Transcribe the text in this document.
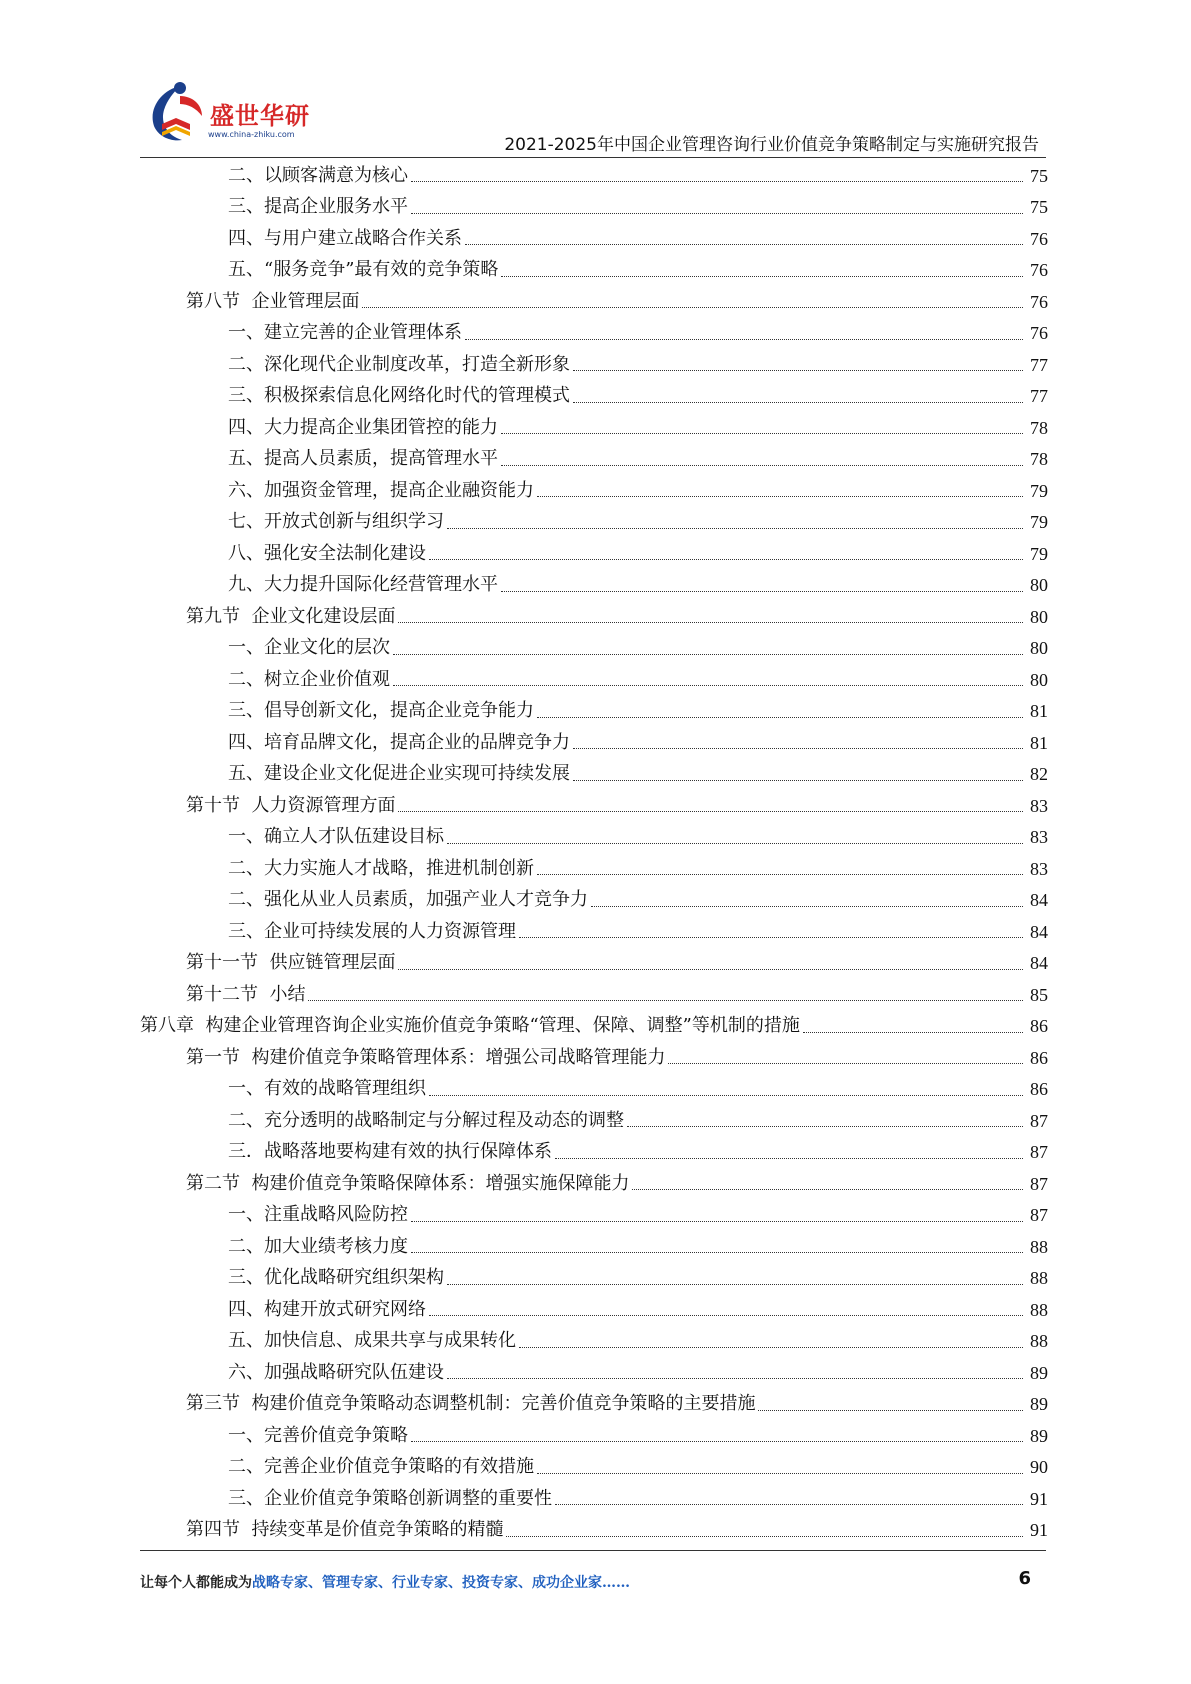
盛世华研
www.china-zhiku.com
2021-2025年中国企业管理咨询行业价值竞争策略制定与实施研究报告
二、以顾客满意为核心	75
三、提高企业服务水平	75
四、与用户建立战略合作关系	76
五、“服务竞争”最有效的竞争策略	76
第八节  企业管理层面	76
一、建立完善的企业管理体系	76
二、深化现代企业制度改革，打造全新形象	77
三、积极探索信息化网络化时代的管理模式	77
四、大力提高企业集团管控的能力	78
五、提高人员素质，提高管理水平	78
六、加强资金管理，提高企业融资能力	79
七、开放式创新与组织学习	79
八、强化安全法制化建设	79
九、大力提升国际化经营管理水平	80
第九节  企业文化建设层面	80
一、企业文化的层次	80
二、树立企业价值观	80
三、倡导创新文化，提高企业竞争能力	81
四、培育品牌文化，提高企业的品牌竞争力	81
五、建设企业文化促进企业实现可持续发展	82
第十节  人力资源管理方面	83
一、确立人才队伍建设目标	83
二、大力实施人才战略，推进机制创新	83
二、强化从业人员素质，加强产业人才竞争力	84
三、企业可持续发展的人力资源管理	84
第十一节  供应链管理层面	84
第十二节  小结	85
第八章  构建企业管理咨询企业实施价值竞争策略“管理、保障、调整”等机制的措施	86
第一节  构建价值竞争策略管理体系：增强公司战略管理能力	86
一、有效的战略管理组织	86
二、充分透明的战略制定与分解过程及动态的调整	87
三．战略落地要构建有效的执行保障体系	87
第二节  构建价值竞争策略保障体系：增强实施保障能力	87
一、注重战略风险防控	87
二、加大业绩考核力度	88
三、优化战略研究组织架构	88
四、构建开放式研究网络	88
五、加快信息、成果共享与成果转化	88
六、加强战略研究队伍建设	89
第三节  构建价值竞争策略动态调整机制：完善价值竞争策略的主要措施	89
一、完善价值竞争策略	89
二、完善企业价值竞争策略的有效措施	90
三、企业价值竞争策略创新调整的重要性	91
第四节  持续变革是价值竞争策略的精髓	91
让每个人都能成为战略专家、管理专家、行业专家、投资专家、成功企业家……	6
